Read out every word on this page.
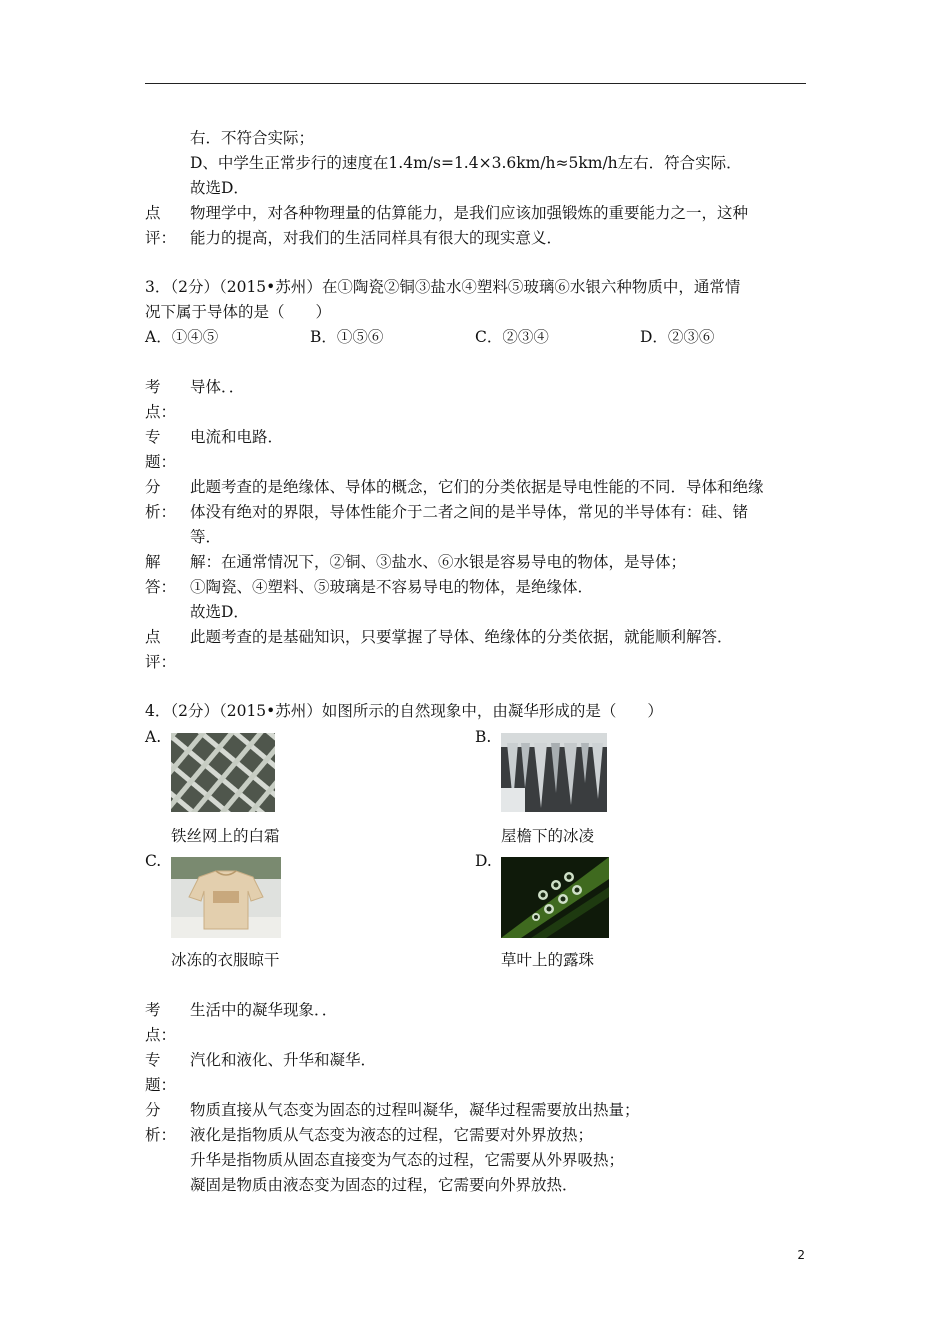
右．不符合实际；
D、中学生正常步行的速度在1.4m/s=1.4×3.6km/h≈5km/h左右．符合实际．
故选D．
点
评：
物理学中，对各种物理量的估算能力，是我们应该加强锻炼的重要能力之一，这种
能力的提高，对我们的生活同样具有很大的现实意义．
3．（2分）（2015•苏州）在①陶瓷②铜③盐水④塑料⑤玻璃⑥水银六种物质中，通常情
况下属于导体的是（　　）
A．①④⑤	B．①⑤⑥	C．②③④	D．②③⑥
考
点：
导体．．
专
题：
电流和电路．
分
析：
此题考查的是绝缘体、导体的概念，它们的分类依据是导电性能的不同．导体和绝缘
体没有绝对的界限，导体性能介于二者之间的是半导体，常见的半导体有：硅、锗
等．
解
答：
解：在通常情况下，②铜、③盐水、⑥水银是容易导电的物体，是导体；
①陶瓷、④塑料、⑤玻璃是不容易导电的物体，是绝缘体．
故选D．
点
评：
此题考查的是基础知识，只要掌握了导体、绝缘体的分类依据，就能顺利解答．
4．（2分）（2015•苏州）如图所示的自然现象中，由凝华形成的是（　　）
A.
铁丝网上的白霜
B.
屋檐下的冰凌
C.
冰冻的衣服晾干
D.
草叶上的露珠
考
点：
生活中的凝华现象．．
专
题：
汽化和液化、升华和凝华．
分
析：
物质直接从气态变为固态的过程叫凝华，凝华过程需要放出热量；
液化是指物质从气态变为液态的过程，它需要对外界放热；
升华是指物质从固态直接变为气态的过程，它需要从外界吸热；
凝固是物质由液态变为固态的过程，它需要向外界放热．
2
